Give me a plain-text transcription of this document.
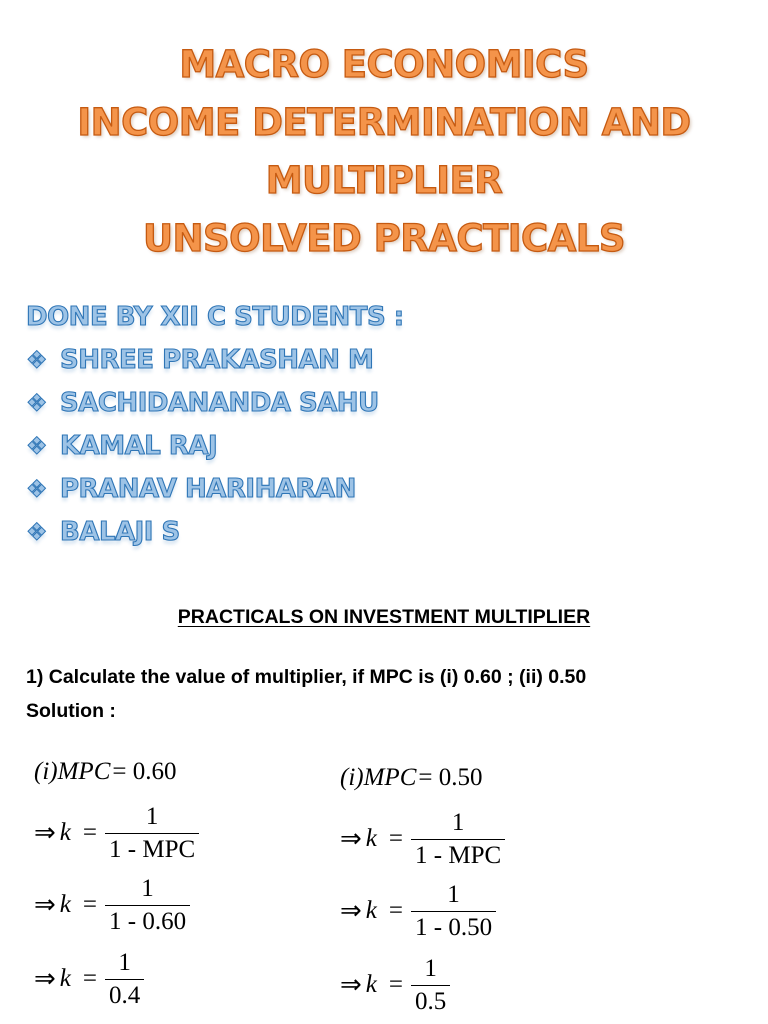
MACRO ECONOMICS
INCOME DETERMINATION AND
MULTIPLIER
UNSOLVED PRACTICALS
DONE BY XII C STUDENTS :
❖ SHREE PRAKASHAN M
❖ SACHIDANANDA SAHU
❖ KAMAL RAJ
❖ PRANAV HARIHARAN
❖ BALAJI S
PRACTICALS ON INVESTMENT MULTIPLIER
1) Calculate the value of multiplier, if MPC is (i) 0.60 ; (ii) 0.50
Solution :
(i)MPC = 0.60
⇒ $k = \frac{1}{\text{1 - MPC}}$
⇒ $k = \frac{1}{1 - 0.60}$
⇒ $k = \frac{1}{0.4}$
(i)MPC = 0.50
⇒ $k = \frac{1}{\text{1 - MPC}}$
⇒ $k = \frac{1}{1 - 0.50}$
⇒ $k = \frac{1}{0.5}$
